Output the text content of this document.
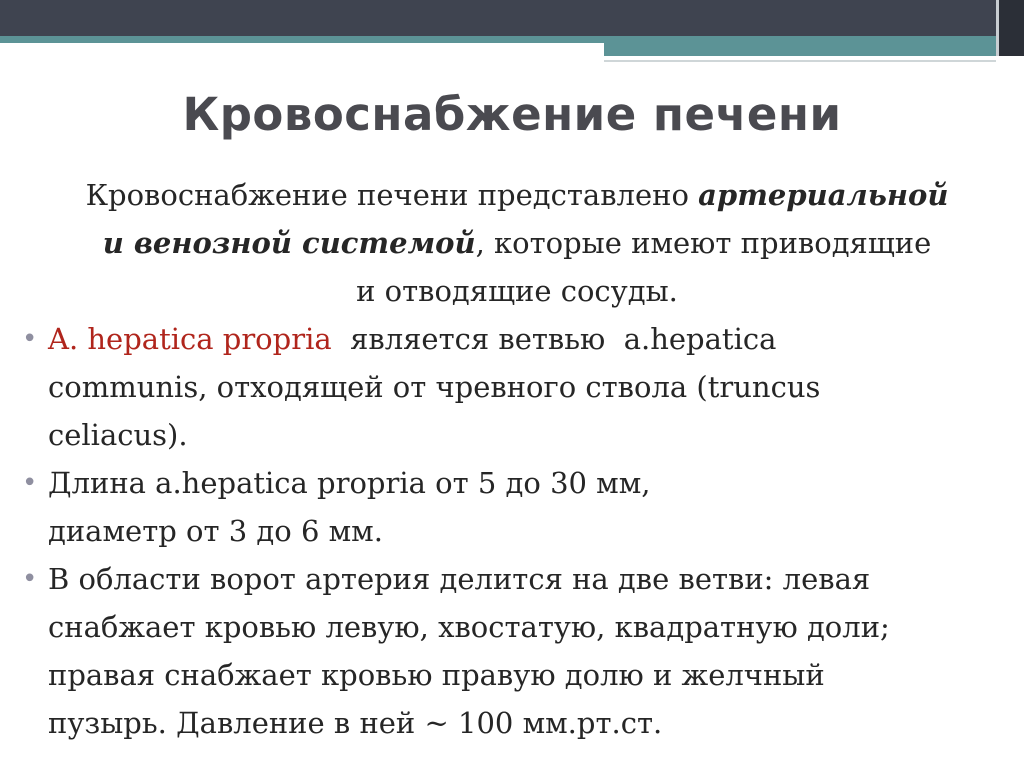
Кровоснабжение печени

Кровоснабжение печени представлено артериальной
и венозной системой, которые имеют приводящие
и отводящие сосуды.

• A. hepatica propria  является ветвью  a.hepatica
communis, отходящей от чревного ствола (truncus
celiacus).

• Длина a.hepatica propria от 5 до 30 мм,

диаметр от 3 до 6 мм.

• В области ворот артерия делится на две ветви: левая
снабжает кровью левую, хвостатую, квадратную доли;
правая снабжает кровью правую долю и желчный
пузырь. Давление в ней ~ 100 мм.рт.ст.
